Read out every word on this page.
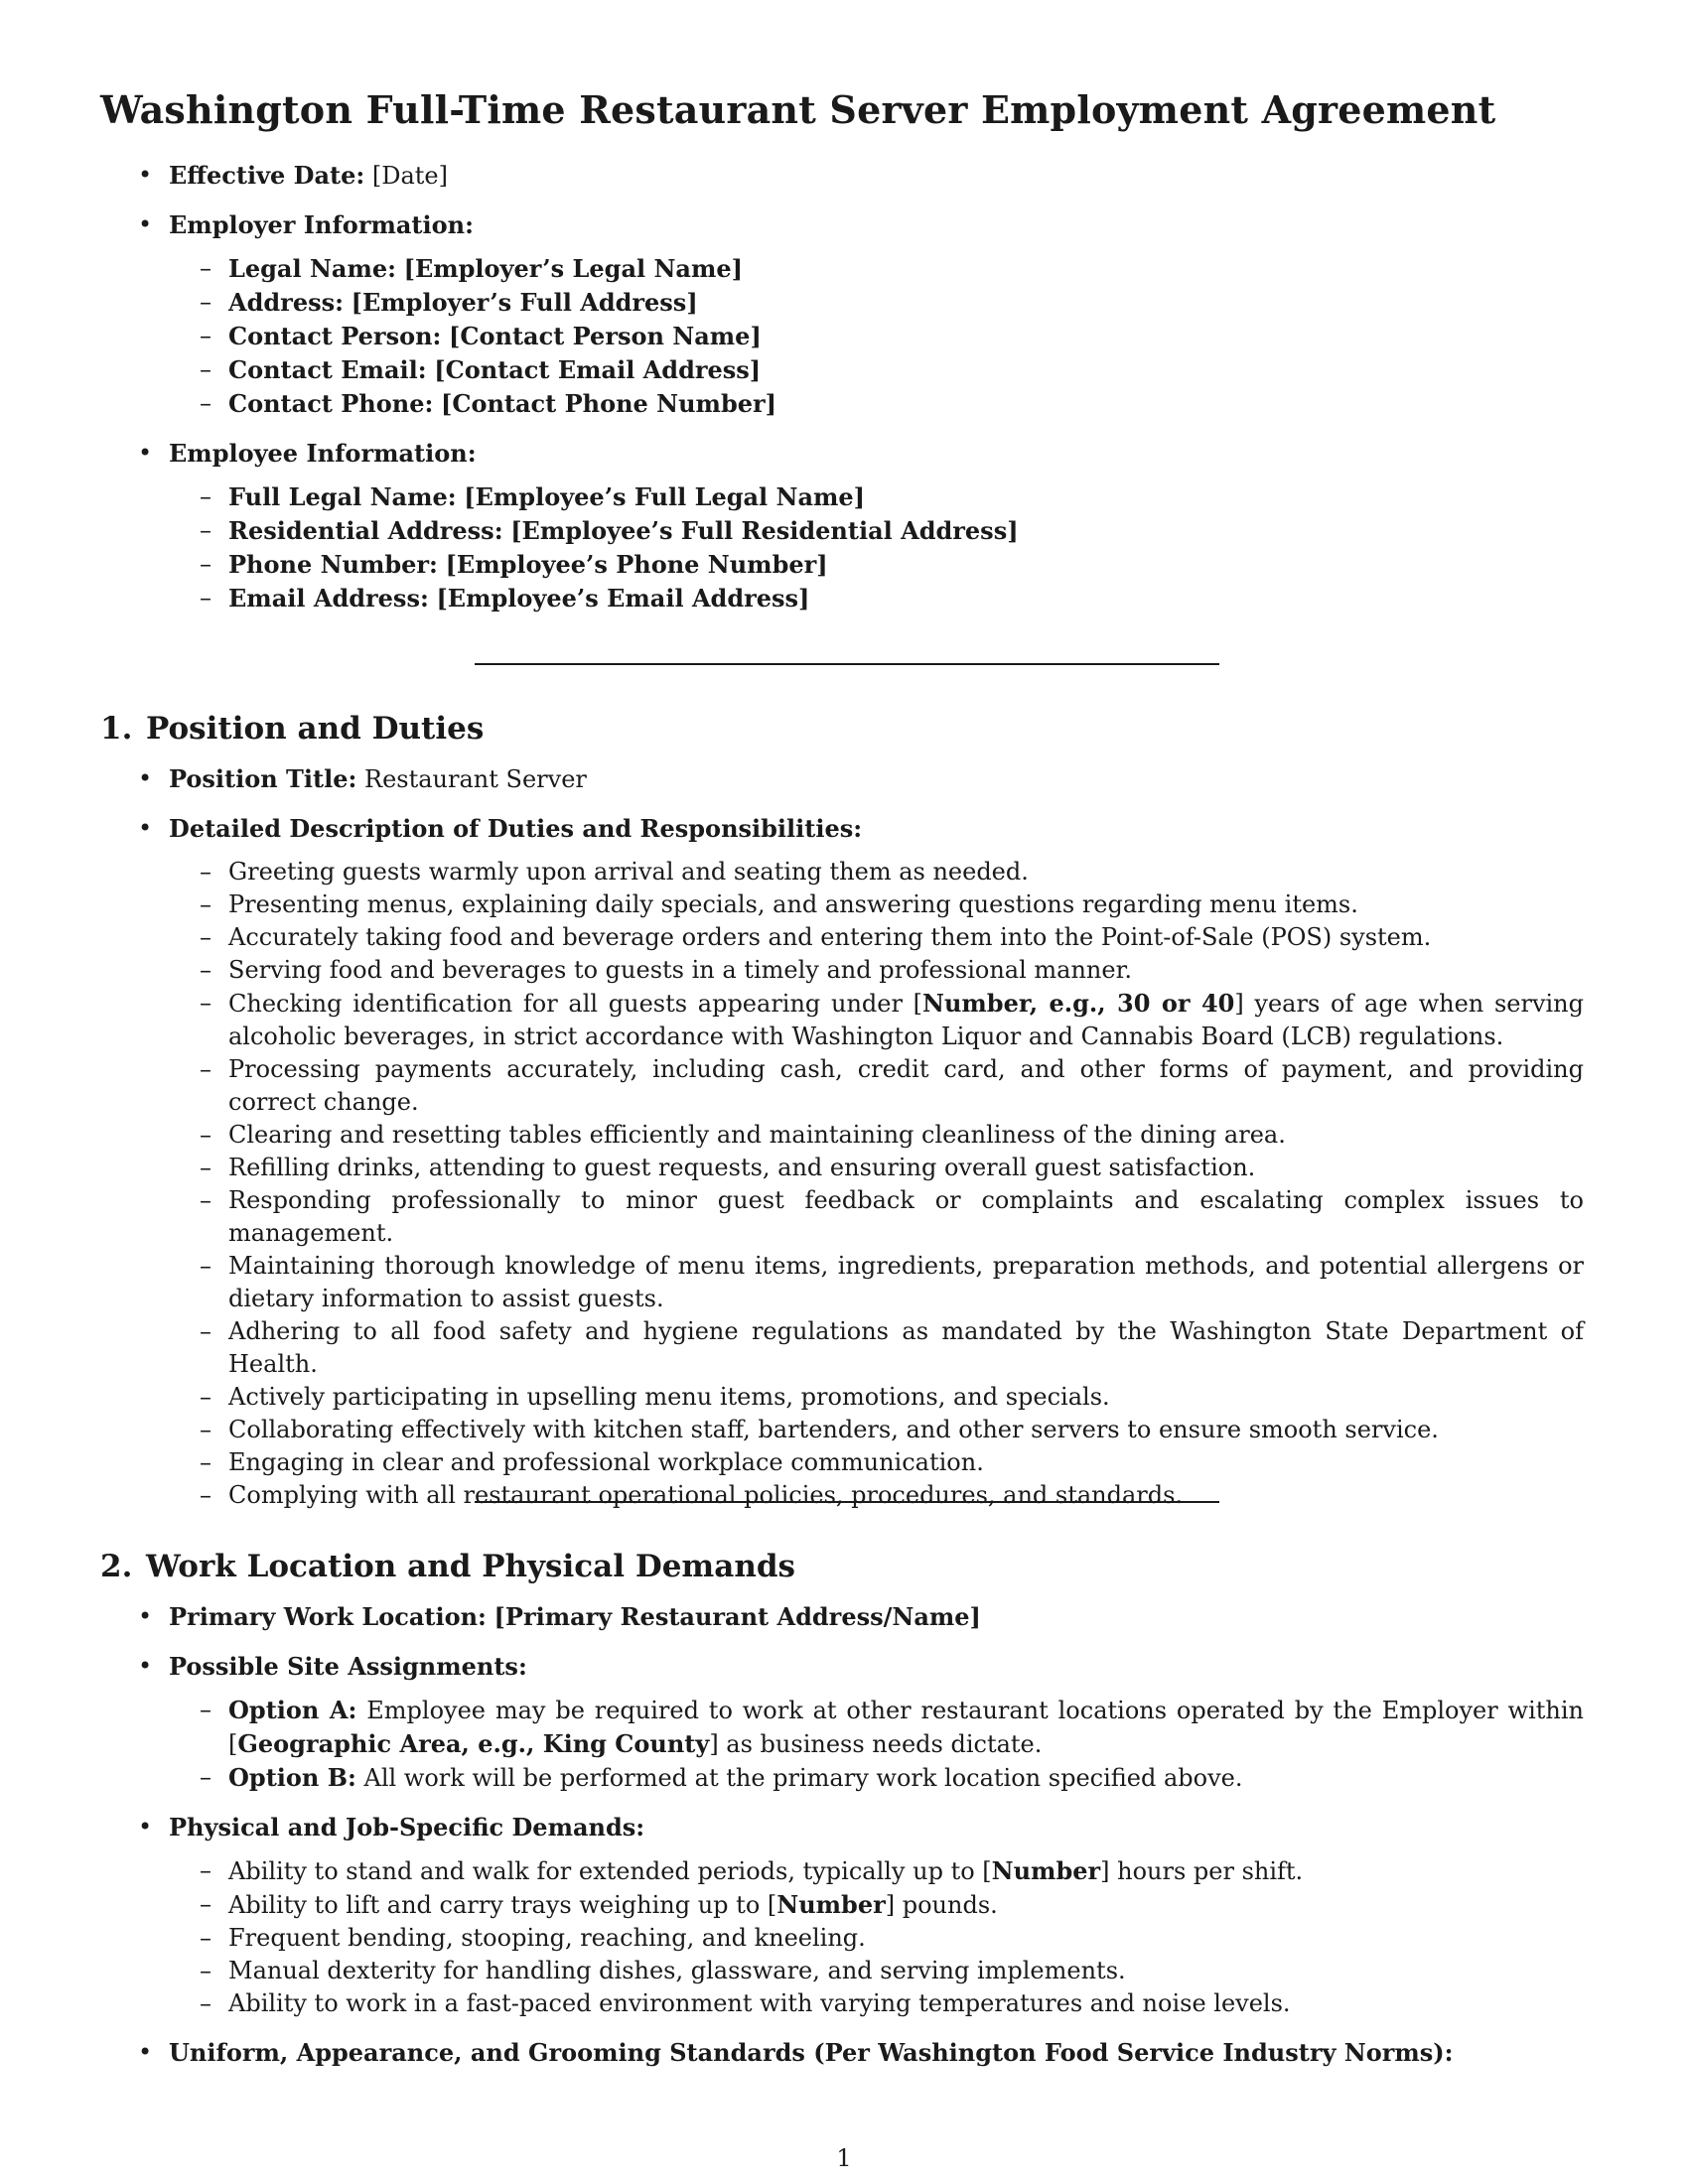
Washington Full-Time Restaurant Server Employment Agreement

• Effective Date: [Date]

• Employer Information:

– Legal Name: [Employer’s Legal Name]
– Address: [Employer’s Full Address]
– Contact Person: [Contact Person Name]
– Contact Email: [Contact Email Address]
– Contact Phone: [Contact Phone Number]

• Employee Information:

– Full Legal Name: [Employee’s Full Legal Name]
– Residential Address: [Employee’s Full Residential Address]
– Phone Number: [Employee’s Phone Number]
– Email Address: [Employee’s Email Address]
1. Position and Duties

• Position Title: Restaurant Server

• Detailed Description of Duties and Responsibilities:

– Greeting guests warmly upon arrival and seating them as needed.
– Presenting menus, explaining daily specials, and answering questions regarding menu items.
– Accurately taking food and beverage orders and entering them into the Point-of-Sale (POS) system.
– Serving food and beverages to guests in a timely and professional manner.
– Checking identification for all guests appearing under [Number, e.g., 30 or 40] years of age when serving alcoholic beverages, in strict accordance with Washington Liquor and Cannabis Board (LCB) regulations.
– Processing payments accurately, including cash, credit card, and other forms of payment, and providing correct change.
– Clearing and resetting tables efficiently and maintaining cleanliness of the dining area.
– Refilling drinks, attending to guest requests, and ensuring overall guest satisfaction.
– Responding professionally to minor guest feedback or complaints and escalating complex issues to management.
– Maintaining thorough knowledge of menu items, ingredients, preparation methods, and potential allergens or dietary information to assist guests.
– Adhering to all food safety and hygiene regulations as mandated by the Washington State Department of Health.
– Actively participating in upselling menu items, promotions, and specials.
– Collaborating effectively with kitchen staff, bartenders, and other servers to ensure smooth service.
– Engaging in clear and professional workplace communication.
– Complying with all restaurant operational policies, procedures, and standards.
2. Work Location and Physical Demands

• Primary Work Location: [Primary Restaurant Address/Name]

• Possible Site Assignments:

– Option A: Employee may be required to work at other restaurant locations operated by the Employer within [Geographic Area, e.g., King County] as business needs dictate.
– Option B: All work will be performed at the primary work location specified above.

• Physical and Job-Specific Demands:

– Ability to stand and walk for extended periods, typically up to [Number] hours per shift.
– Ability to lift and carry trays weighing up to [Number] pounds.
– Frequent bending, stooping, reaching, and kneeling.
– Manual dexterity for handling dishes, glassware, and serving implements.
– Ability to work in a fast-paced environment with varying temperatures and noise levels.

• Uniform, Appearance, and Grooming Standards (Per Washington Food Service Industry Norms):

1
